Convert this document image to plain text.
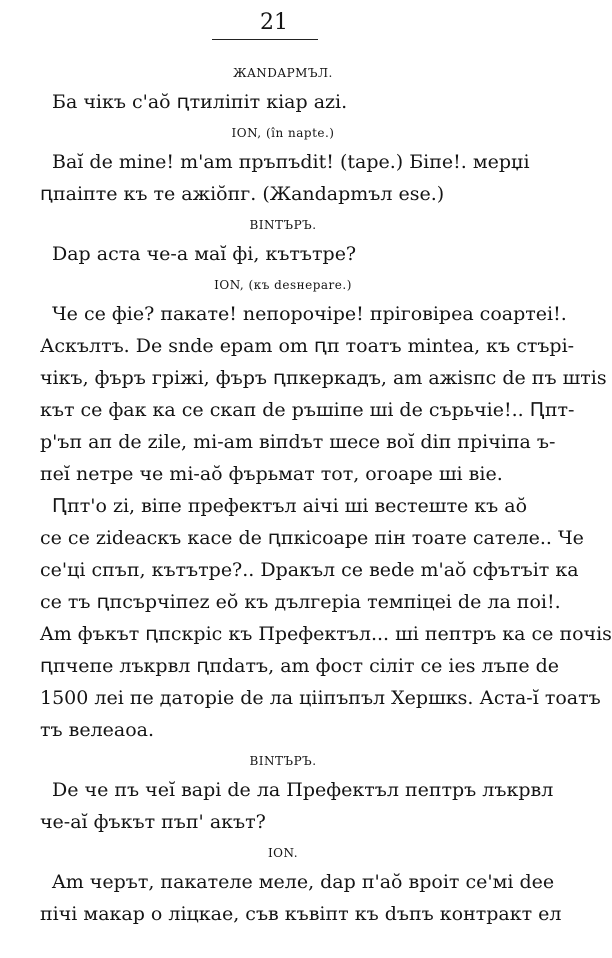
21
ЖANDAPMЪЛ.
Ба чікъ с'аŏ ԥтиліпіт кіар azi.
ION, (în napte.)
Ваĭ de mine! m'am пръпъdit! (tape.) Біпе!. мерџі
ԥпаіпте къ те ажіŏпг. (Жandapmъл esе.)
BINTЪPЪ.
Dар аста че-а маĭ фі, кътътре?
ION, (къ desнерare.)
Че се фіе? пакате! nепорочіре! пріговіреа соартеі!.
Аскълтъ. De ѕnde epam om ԥп тоатъ mintea, къ стърі-
чікъ, фъръ гріжі, фъръ ԥпкеркадъ, am ажіѕпс de пъ штіѕ
кът се фак ка се скап de ръшіпе ші de сърьчіе!.. Ԥпт-
р'ъп ап de zile, mі-am віпdът шесе воĭ dіп прічіпа ъ-
пеĭ nетре че mі-аŏ фърьмат тот, огоаре ші віе.
Ԥпт'о zi, віпе префектъл аічі ші вестеште къ аŏ
се се zideaскъ касе de ԥпкісоаре пін тоате сателе.. Че
се'ці спъп, кътътре?.. Dракъл се веde m'аŏ сфътъіт ка
се тъ ԥпсърчіпеz еŏ къ дългеріа темпіцеі de ла поі!.
Am фъкът ԥпскріс къ Префектъл... ші пептръ ка се почіѕ
ԥпчепе лъкрвл ԥпdатъ, am фост сіліт се іеѕ лъпе de
1500 леі пе даторіе de ла цііпъпъл Хершкѕ. Аста-ĭ тоатъ
тъ велеаоа.
BINTЪPЪ.
De че пъ чеĭ ваpі de ла Префектъл пептръ лъкрвл
че-аĭ фъкът пъп' акът?
ION.
Am черът, пакателе меле, dар п'аŏ вроіт се'мі dее
пічі макар о ліцкае, съв къвіпт къ dъпъ контракт ел
